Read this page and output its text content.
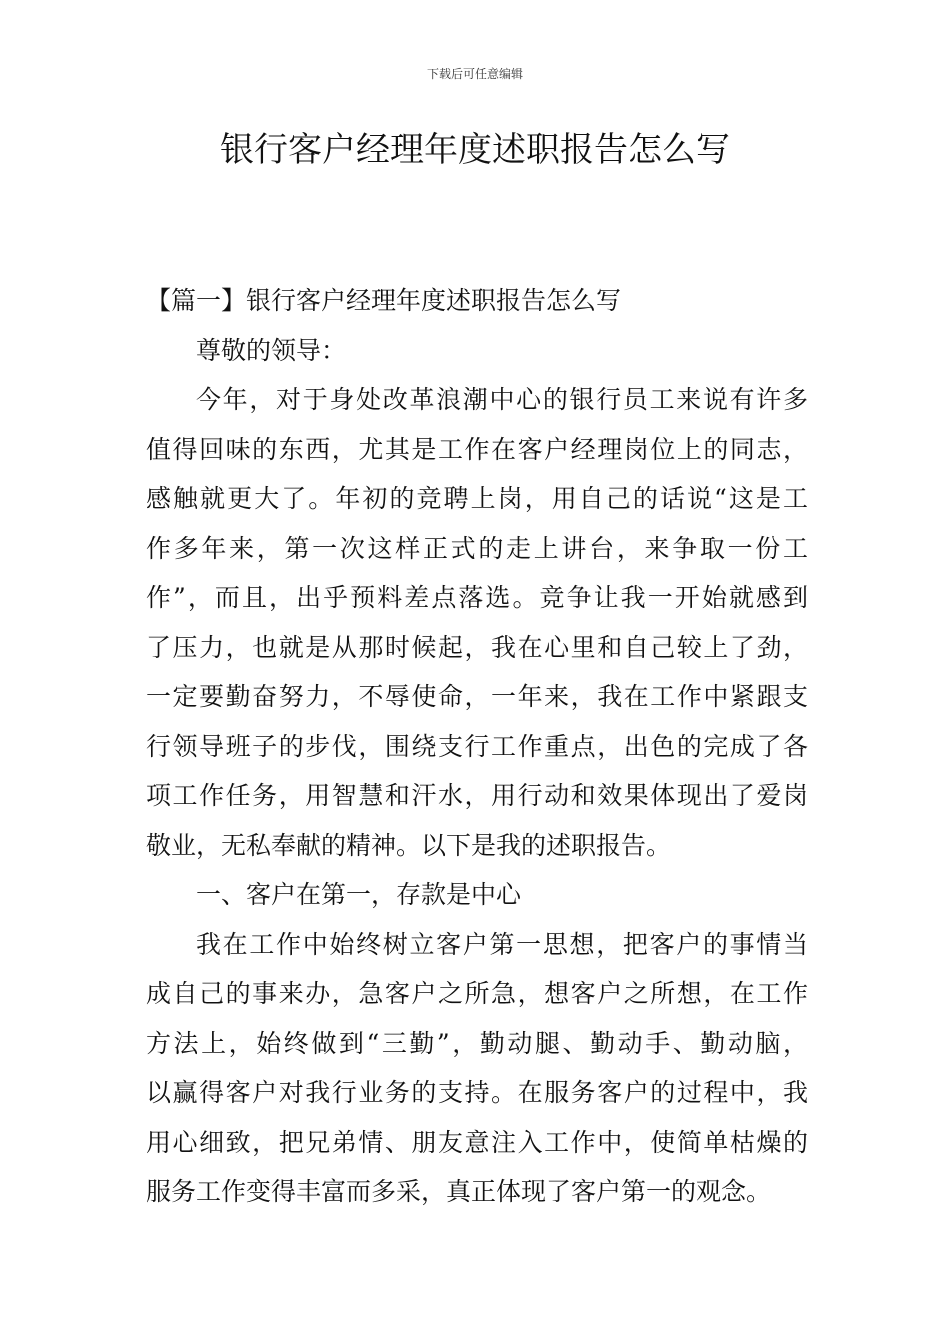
下载后可任意编辑
银行客户经理年度述职报告怎么写

【篇一】银行客户经理年度述职报告怎么写

尊敬的领导：

今年，对于身处改革浪潮中心的银行员工来说有许多
值得回味的东西，尤其是工作在客户经理岗位上的同志，
感触就更大了。年初的竞聘上岗，用自己的话说“这是工
作多年来，第一次这样正式的走上讲台，来争取一份工
作”，而且，出乎预料差点落选。竞争让我一开始就感到
了压力，也就是从那时候起，我在心里和自己较上了劲，
一定要勤奋努力，不辱使命，一年来，我在工作中紧跟支
行领导班子的步伐，围绕支行工作重点，出色的完成了各
项工作任务，用智慧和汗水，用行动和效果体现出了爱岗
敬业，无私奉献的精神。以下是我的述职报告。

一、客户在第一，存款是中心

我在工作中始终树立客户第一思想，把客户的事情当
成自己的事来办，急客户之所急，想客户之所想，在工作
方法上，始终做到“三勤”，勤动腿、勤动手、勤动脑，
以赢得客户对我行业务的支持。在服务客户的过程中，我
用心细致，把兄弟情、朋友意注入工作中，使简单枯燥的
服务工作变得丰富而多采，真正体现了客户第一的观念。
